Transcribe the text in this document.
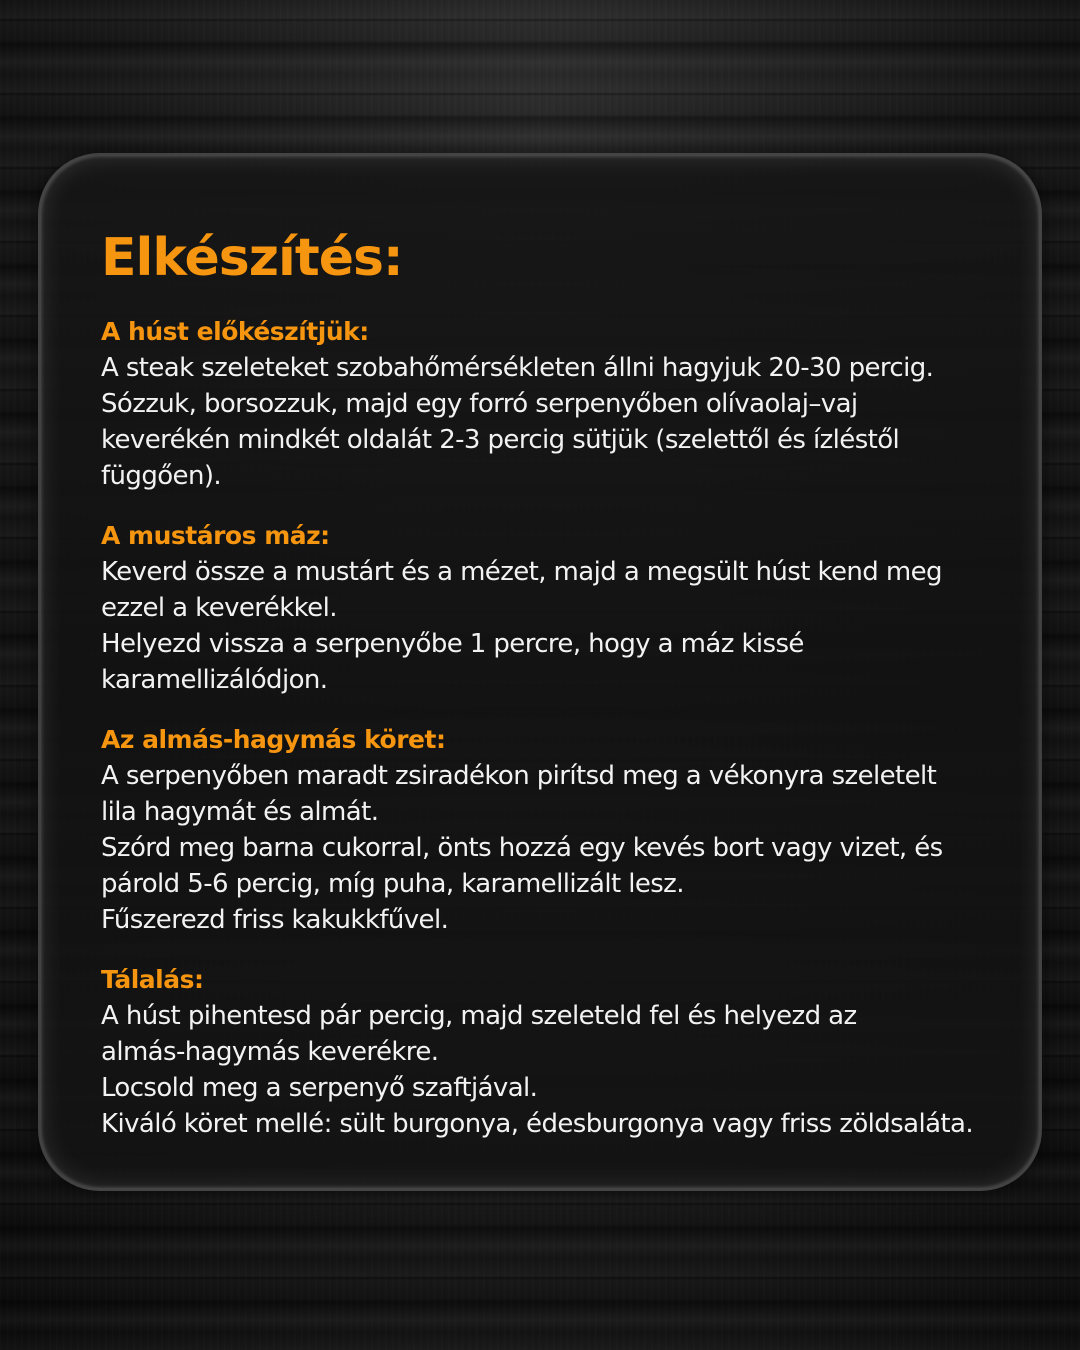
Elkészítés:
A húst előkészítjük:
A steak szeleteket szobahőmérsékleten állni hagyjuk 20-30 percig.
Sózzuk, borsozzuk, majd egy forró serpenyőben olívaolaj–vaj
keverékén mindkét oldalát 2-3 percig sütjük (szelettől és ízléstől
függően).
A mustáros máz:
Keverd össze a mustárt és a mézet, majd a megsült húst kend meg
ezzel a keverékkel.
Helyezd vissza a serpenyőbe 1 percre, hogy a máz kissé
karamellizálódjon.
Az almás-hagymás köret:
A serpenyőben maradt zsiradékon pirítsd meg a vékonyra szeletelt
lila hagymát és almát.
Szórd meg barna cukorral, önts hozzá egy kevés bort vagy vizet, és
párold 5-6 percig, míg puha, karamellizált lesz.
Fűszerezd friss kakukkfűvel.
Tálalás:
A húst pihentesd pár percig, majd szeleteld fel és helyezd az
almás-hagymás keverékre.
Locsold meg a serpenyő szaftjával.
Kiváló köret mellé: sült burgonya, édesburgonya vagy friss zöldsaláta.
